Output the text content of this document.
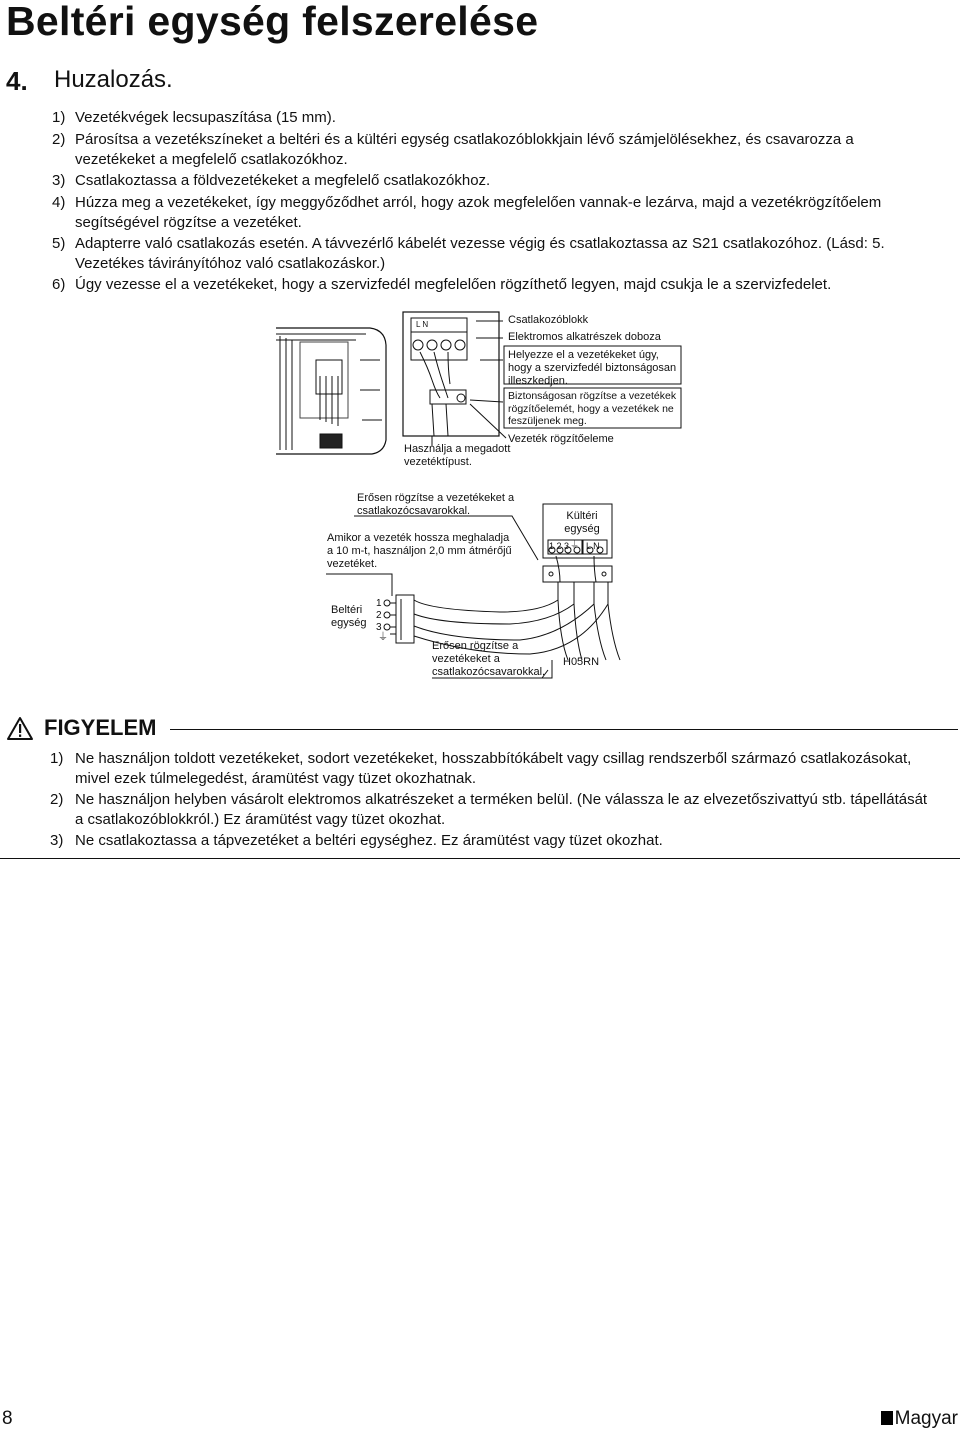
Beltéri egység felszerelése
4. Huzalozás.
1) Vezetékvégek lecsupaszítása (15 mm).
2) Párosítsa a vezetékszíneket a beltéri és a kültéri egység csatlakozóblokkjain lévő számjelölésekhez, és csavarozza a vezetékeket a megfelelő csatlakozókhoz.
3) Csatlakoztassa a földvezetékeket a megfelelő csatlakozókhoz.
4) Húzza meg a vezetékeket, így meggyőződhet arról, hogy azok megfelelően vannak-e lezárva, majd a vezetékrögzítőelem segítségével rögzítse a vezetéket.
5) Adapterre való csatlakozás esetén. A távvezérlő kábelét vezesse végig és csatlakoztassa az S21 csatlakozóhoz. (Lásd: 5. Vezetékes távirányítóhoz való csatlakozáskor.)
6) Úgy vezesse el a vezetékeket, hogy a szervizfedél megfelelően rögzíthető legyen, majd csukja le a szervizfedelet.
L N
⏚
⏚
Csatlakozóblokk
Elektromos alkatrészek doboza
Helyezze el a vezetékeket úgy, hogy a szervizfedél biztonságosan illeszkedjen.
Biztonságosan rögzítse a vezetékek rögzítőelemét, hogy a vezetékek ne feszüljenek meg.
Vezeték rögzítőeleme
Használja a megadott vezetéktípust.
Erősen rögzítse a vezetékeket a csatlakozócsavarokkal.
Amikor a vezeték hossza meghaladja a 10 m-t, használjon 2,0 mm átmérőjű vezetéket.
Kültéri egység
1 2 3 L N
Beltéri egység
1
2
3
Erősen rögzítse a vezetékeket a csatlakozócsavarokkal.
H05RN
FIGYELEM
1) Ne használjon toldott vezetékeket, sodort vezetékeket, hosszabbítókábelt vagy csillag rendszerből származó csatlakozásokat, mivel ezek túlmelegedést, áramütést vagy tüzet okozhatnak.
2) Ne használjon helyben vásárolt elektromos alkatrészeket a terméken belül. (Ne válassza le az elvezetőszivattyú stb. tápellátását a csatlakozóblokkról.) Ez áramütést vagy tüzet okozhat.
3) Ne csatlakoztassa a tápvezetéket a beltéri egységhez. Ez áramütést vagy tüzet okozhat.
8	Magyar
